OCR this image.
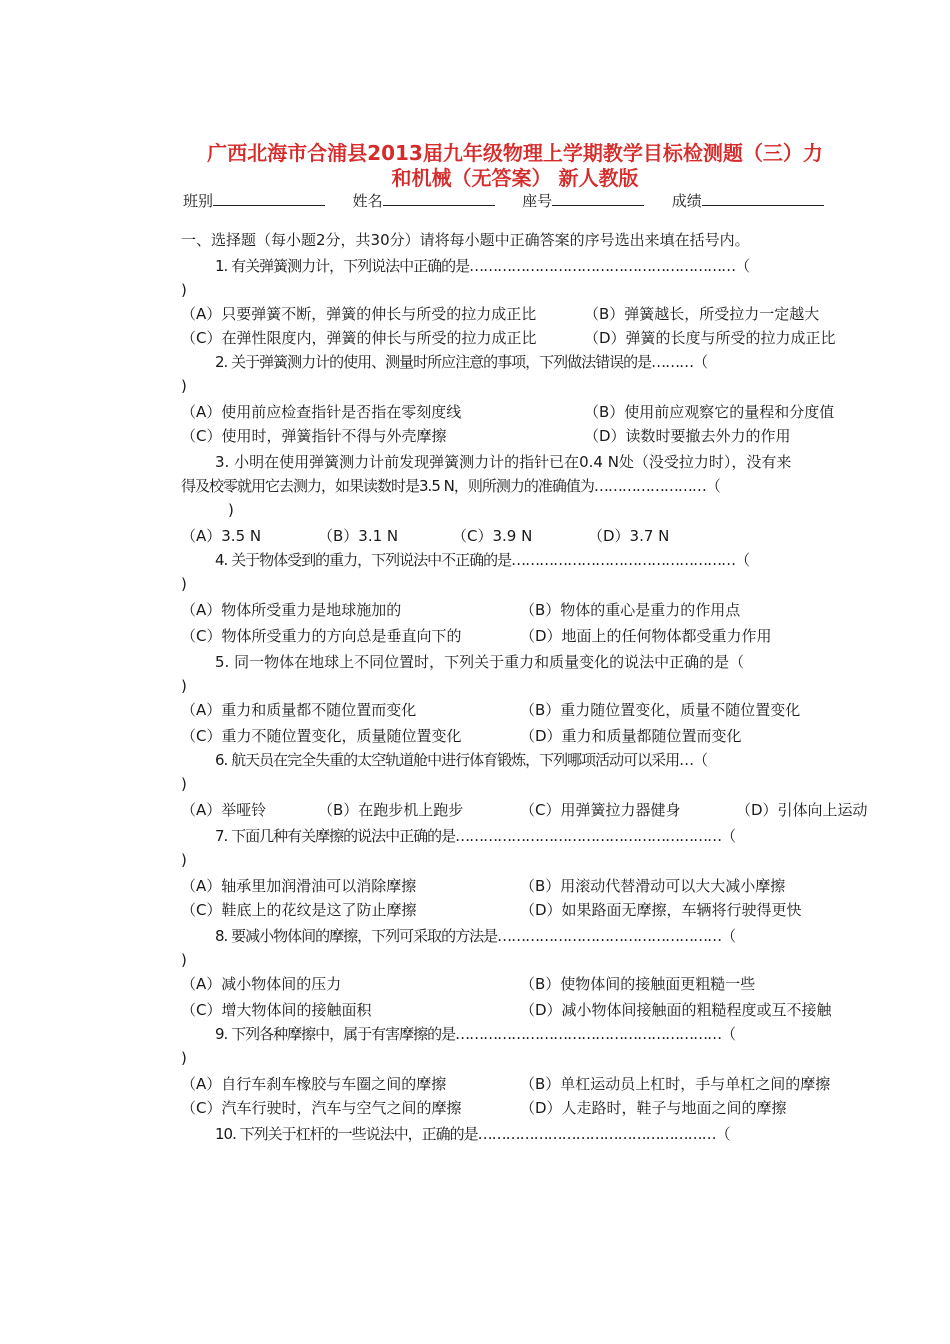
广西北海市合浦县2013届九年级物理上学期教学目标检测题（三）力
和机械（无答案） 新人教版
班别	姓名	座号	成绩
一、选择题（每小题2分，共30分）请将每小题中正确答案的序号选出来填在括号内。
1. 有关弹簧测力计，下列说法中正确的是…………………………………………………（
)
（A）只要弹簧不断，弹簧的伸长与所受的拉力成正比	（B）弹簧越长，所受拉力一定越大
（C）在弹性限度内，弹簧的伸长与所受的拉力成正比	（D）弹簧的长度与所受的拉力成正比
2. 关于弹簧测力计的使用、测量时所应注意的事项，下列做法错误的是………（
)
（A）使用前应检查指针是否指在零刻度线	（B）使用前应观察它的量程和分度值
（C）使用时，弹簧指针不得与外壳摩擦	（D）读数时要撤去外力的作用
3. 小明在使用弹簧测力计前发现弹簧测力计的指针已在0.4 N处（没受拉力时），没有来
得及校零就用它去测力，如果读数时是3.5 N，则所测力的准确值为……………………（
)
（A）3.5 N	（B）3.1 N	（C）3.9 N	（D）3.7 N
4. 关于物体受到的重力，下列说法中不正确的是…………………………………………（
)
（A）物体所受重力是地球施加的	（B）物体的重心是重力的作用点
（C）物体所受重力的方向总是垂直向下的	（D）地面上的任何物体都受重力作用
5. 同一物体在地球上不同位置时，下列关于重力和质量变化的说法中正确的是（
)
（A）重力和质量都不随位置而变化	（B）重力随位置变化，质量不随位置变化
（C）重力不随位置变化，质量随位置变化	（D）重力和质量都随位置而变化
6. 航天员在完全失重的太空轨道舱中进行体育锻炼，下列哪项活动可以采用…（
)
（A）举哑铃	（B）在跑步机上跑步	（C）用弹簧拉力器健身	（D）引体向上运动
7. 下面几种有关摩擦的说法中正确的是…………………………………………………（
)
（A）轴承里加润滑油可以消除摩擦	（B）用滚动代替滑动可以大大减小摩擦
（C）鞋底上的花纹是这了防止摩擦	（D）如果路面无摩擦，车辆将行驶得更快
8. 要减小物体间的摩擦，下列可采取的方法是…………………………………………（
)
（A）减小物体间的压力	（B）使物体间的接触面更粗糙一些
（C）增大物体间的接触面积	（D）减小物体间接触面的粗糙程度或互不接触
9. 下列各种摩擦中，属于有害摩擦的是…………………………………………………（
)
（A）自行车刹车橡胶与车圈之间的摩擦	（B）单杠运动员上杠时，手与单杠之间的摩擦
（C）汽车行驶时，汽车与空气之间的摩擦	（D）人走路时，鞋子与地面之间的摩擦
10. 下列关于杠杆的一些说法中，正确的是……………………………………………（
